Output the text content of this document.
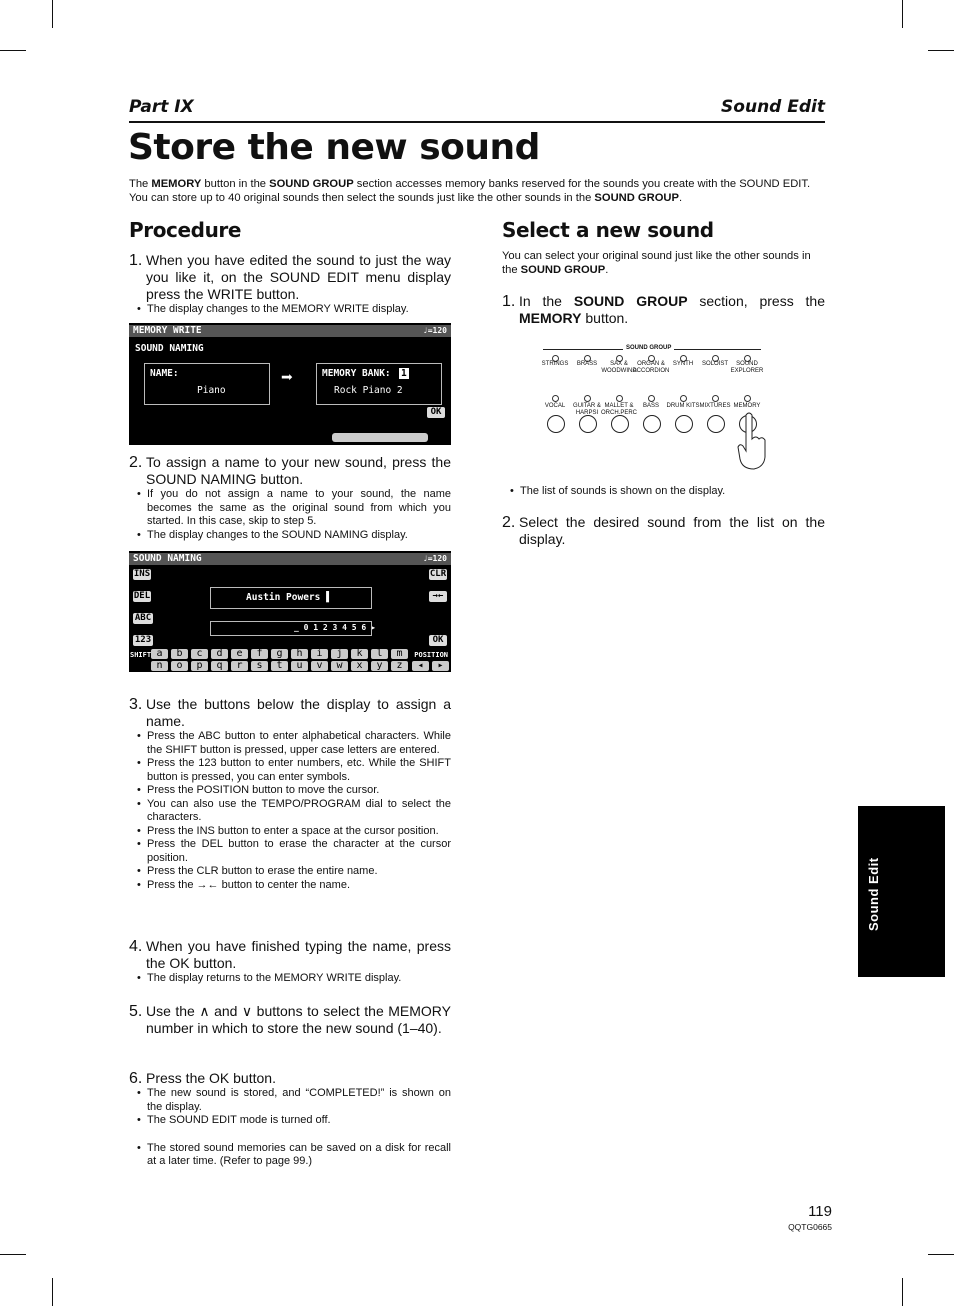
Part IX	Sound Edit
Store the new sound
The MEMORY button in the SOUND GROUP section accesses memory banks reserved for the sounds you create with the SOUND EDIT. You can store up to 40 original sounds then select the sounds just like the other sounds in the SOUND GROUP.
Procedure
1. When you have edited the sound to just the way you like it, on the SOUND EDIT menu display press the WRITE button.
• The display changes to the MEMORY WRITE display.
MEMORY WRITE	♩=120
SOUND NAMING
NAME:
Piano
➡	MEMORY BANK: 1
Rock Piano 2
OK
2. To assign a name to your new sound, press the SOUND NAMING button.
• If you do not assign a name to your sound, the name becomes the same as the original sound from which you started. In this case, skip to step 5.
• The display changes to the SOUND NAMING display.
SOUND NAMING	♩=120
INS
DEL
ABC
123
CLR
→←
OK
Austin Powers ▌
_ 0 1 2 3 4 5 6 ▸
SHIFT	POSITION
a	b	c	d	e	f	g	h	i	j	k	l	m
n	o	p	q	r	s	t	u	v	w	x	y	z	◂	▸
3. Use the buttons below the display to assign a name.
• Press the ABC button to enter alphabetical characters. While the SHIFT button is pressed, upper case letters are entered.
• Press the 123 button to enter numbers, etc. While the SHIFT button is pressed, you can enter symbols.
• Press the POSITION button to move the cursor.
• You can also use the TEMPO/PROGRAM dial to select the characters.
• Press the INS button to enter a space at the cursor position.
• Press the DEL button to erase the character at the cursor position.
• Press the CLR button to erase the entire name.
• Press the →← button to center the name.
4. When you have finished typing the name, press the OK button.
• The display returns to the MEMORY WRITE display.
5. Use the ∧ and ∨ buttons to select the MEMORY number in which to store the new sound (1–40).
6. Press the OK button.
• The new sound is stored, and “COMPLETED!” is shown on the display.
• The SOUND EDIT mode is turned off.
• The stored sound memories can be saved on a disk for recall at a later time. (Refer to page 99.)
Select a new sound
You can select your original sound just like the other sounds in the SOUND GROUP.
1. In the SOUND GROUP section, press the MEMORY button.
SOUND GROUP
STRINGS	BRASS	SAX & WOODWIND
ORGAN & ACCORDION
SYNTH	SOLOIST	SOUND EXPLORER
VOCAL	GUITAR & HARPSI
MALLET & ORCH.PERC
BASS	DRUM KITS MIXTURES MEMORY
• The list of sounds is shown on the display.
2. Select the desired sound from the list on the display.
Sound Edit
119
QQTG0665
